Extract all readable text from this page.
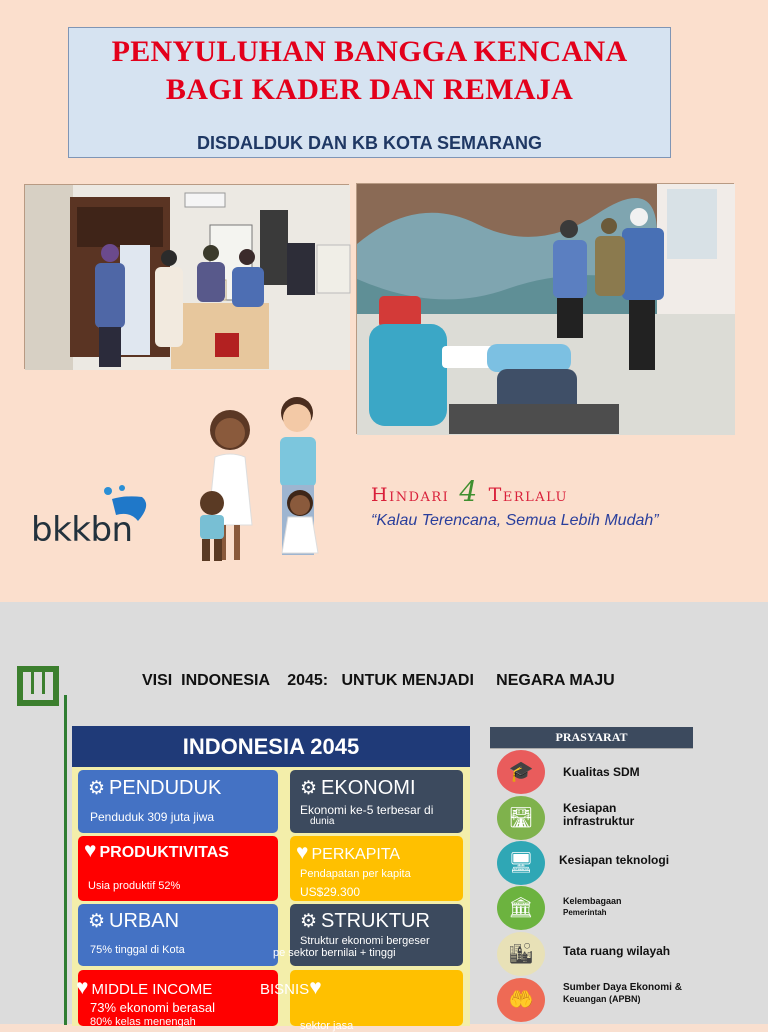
PENYULUHAN BANGGA KENCANA
BAGI KADER DAN REMAJA
DISDALDUK DAN KB KOTA SEMARANG
bkkbn
Hindari 4 Terlalu
“Kalau Terencana, Semua Lebih Mudah”
VISI  INDONESIA    2045:   UNTUK MENJADI     NEGARA MAJU
INDONESIA 2045
⚙ PENDUDUK
Penduduk 309 juta jiwa
⚙ EKONOMI
Ekonomi ke-5 terbesar di
dunia
♥ PRODUKTIVITAS
Usia produktif 52%
♥ PERKAPITA
Pendapatan per kapita
US$29.300
⚙ URBAN
75% tinggal di Kota
⚙ STRUKTUR
Struktur ekonomi bergeser
pe sektor bernilai + tinggi
♥ MIDDLE INCOME
73% ekonomi berasal
80% kelas menengah
BISNIS♥
sektor jasa
PRASYARAT
🎓	Kualitas SDM
🛣	Kesiapan
infrastruktur
🖥	Kesiapan teknologi
🏛	Kelembagaan
Pemerintah
🏙	Tata ruang wilayah
🤲
Sumber Daya Ekonomi &
Keuangan (APBN)
